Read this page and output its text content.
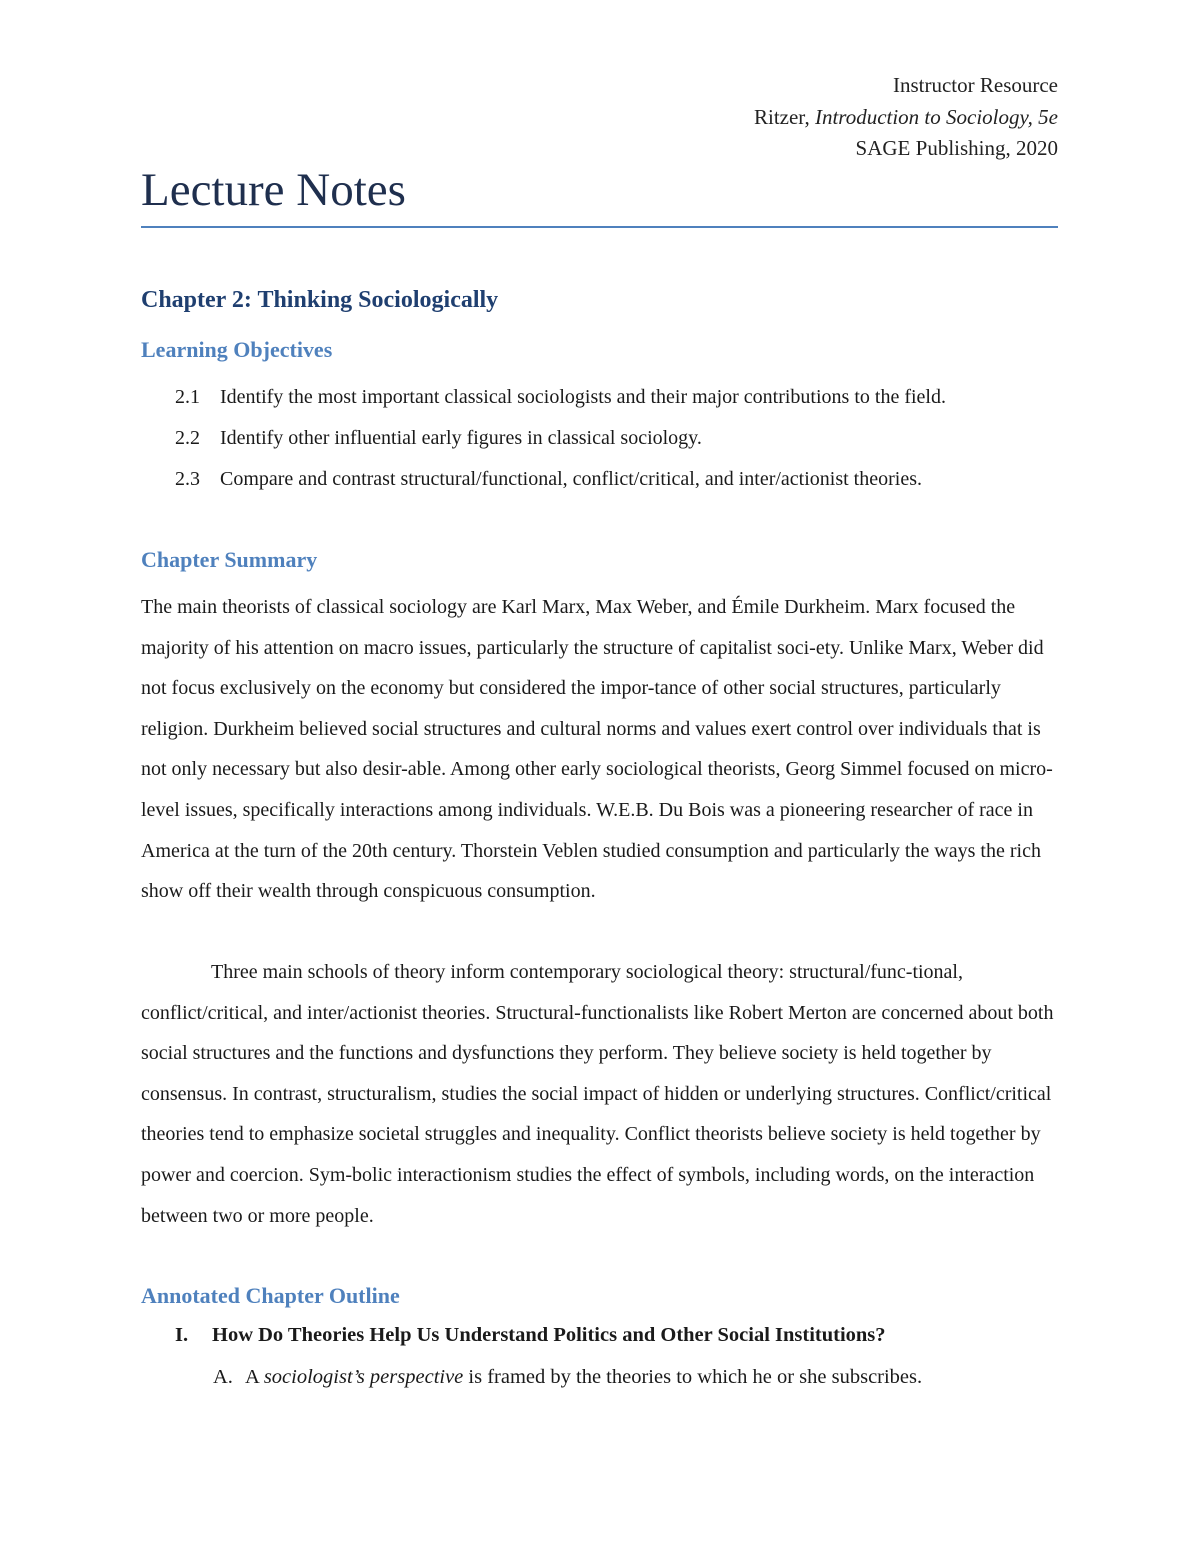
Instructor Resource
Ritzer, Introduction to Sociology, 5e
SAGE Publishing, 2020
Lecture Notes
Chapter 2: Thinking Sociologically
Learning Objectives
2.1	Identify the most important classical sociologists and their major contributions to the field.
2.2	Identify other influential early figures in classical sociology.
2.3	Compare and contrast structural/functional, conflict/critical, and inter/actionist theories.
Chapter Summary

The main theorists of classical sociology are Karl Marx, Max Weber, and Émile Durkheim. Marx focused the majority of his attention on macro issues, particularly the structure of capitalist soci-ety. Unlike Marx, Weber did not focus exclusively on the economy but considered the impor-tance of other social structures, particularly religion. Durkheim believed social structures and cultural norms and values exert control over individuals that is not only necessary but also desir-able. Among other early sociological theorists, Georg Simmel focused on micro-level issues, specifically interactions among individuals. W.E.B. Du Bois was a pioneering researcher of race in America at the turn of the 20th century. Thorstein Veblen studied consumption and particularly the ways the rich show off their wealth through conspicuous consumption.

Three main schools of theory inform contemporary sociological theory: structural/func-tional, conflict/critical, and inter/actionist theories. Structural-functionalists like Robert Merton are concerned about both social structures and the functions and dysfunctions they perform. They believe society is held together by consensus. In contrast, structuralism, studies the social impact of hidden or underlying structures. Conflict/critical theories tend to emphasize societal struggles and inequality. Conflict theorists believe society is held together by power and coercion. Sym-bolic interactionism studies the effect of symbols, including words, on the interaction between two or more people.

Annotated Chapter Outline
I.	How Do Theories Help Us Understand Politics and Other Social Institutions?
A. A sociologist’s perspective is framed by the theories to which he or she subscribes.
